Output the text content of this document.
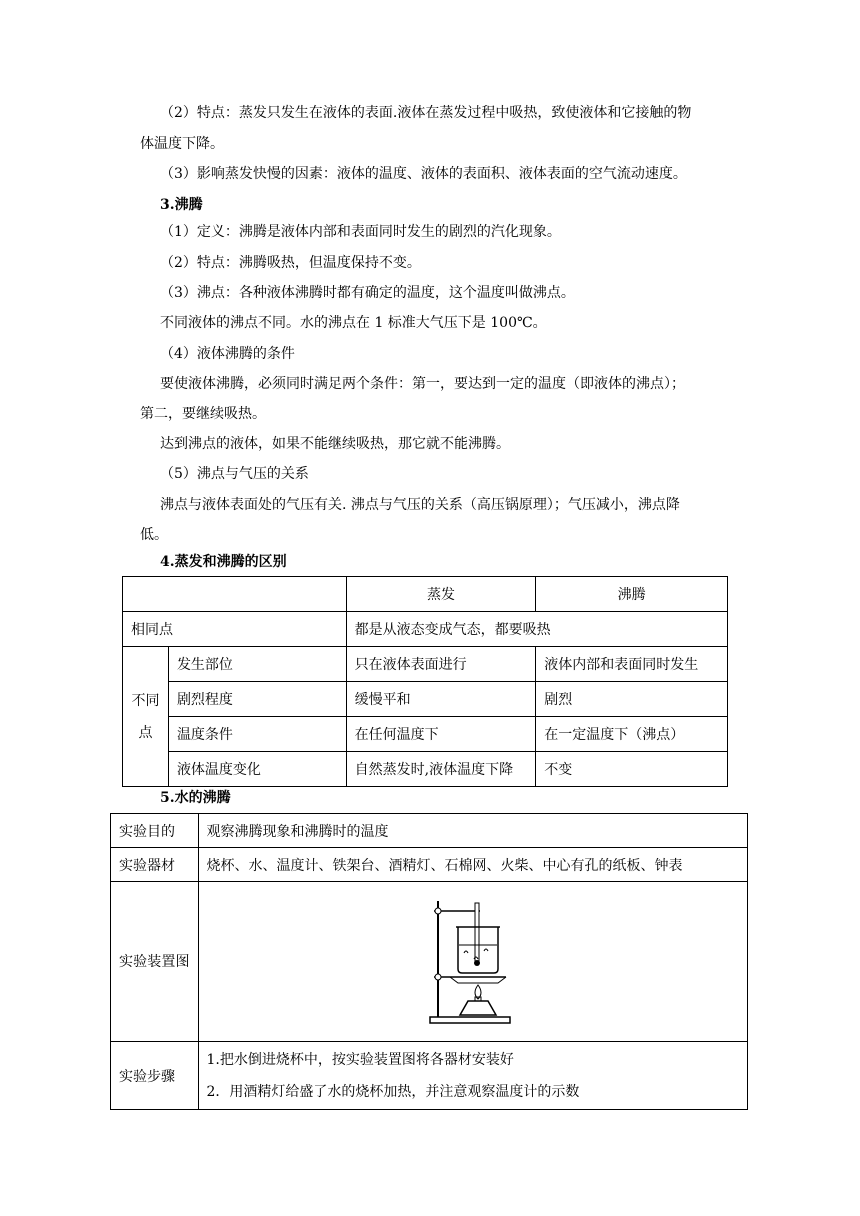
（2）特点：蒸发只发生在液体的表面.液体在蒸发过程中吸热，致使液体和它接触的物
体温度下降。
（3）影响蒸发快慢的因素：液体的温度、液体的表面积、液体表面的空气流动速度。
3.沸腾
（1）定义：沸腾是液体内部和表面同时发生的剧烈的汽化现象。
（2）特点：沸腾吸热，但温度保持不变。
（3）沸点：各种液体沸腾时都有确定的温度，这个温度叫做沸点。
不同液体的沸点不同。水的沸点在 1 标准大气压下是 100℃。
（4）液体沸腾的条件
要使液体沸腾，必须同时满足两个条件：第一，要达到一定的温度（即液体的沸点）；
第二，要继续吸热。
达到沸点的液体，如果不能继续吸热，那它就不能沸腾。
（5）沸点与气压的关系
沸点与液体表面处的气压有关. 沸点与气压的关系（高压锅原理）；气压减小，沸点降
低。
4.蒸发和沸腾的区别
		蒸发	沸腾
相同点		都是从液态变成气态，都要吸热	
不同点	发生部位	只在液体表面进行	液体内部和表面同时发生
	剧烈程度	缓慢平和	剧烈
	温度条件	在任何温度下	在一定温度下（沸点）
	液体温度变化	自然蒸发时,液体温度下降	不变
5.水的沸腾
实验目的	观察沸腾现象和沸腾时的温度
实验器材	烧杯、水、温度计、铁架台、酒精灯、石棉网、火柴、中心有孔的纸板、钟表
实验装置图	

实验步骤	1.把水倒进烧杯中，按实验装置图将各器材安装好
2．用酒精灯给盛了水的烧杯加热，并注意观察温度计的示数
